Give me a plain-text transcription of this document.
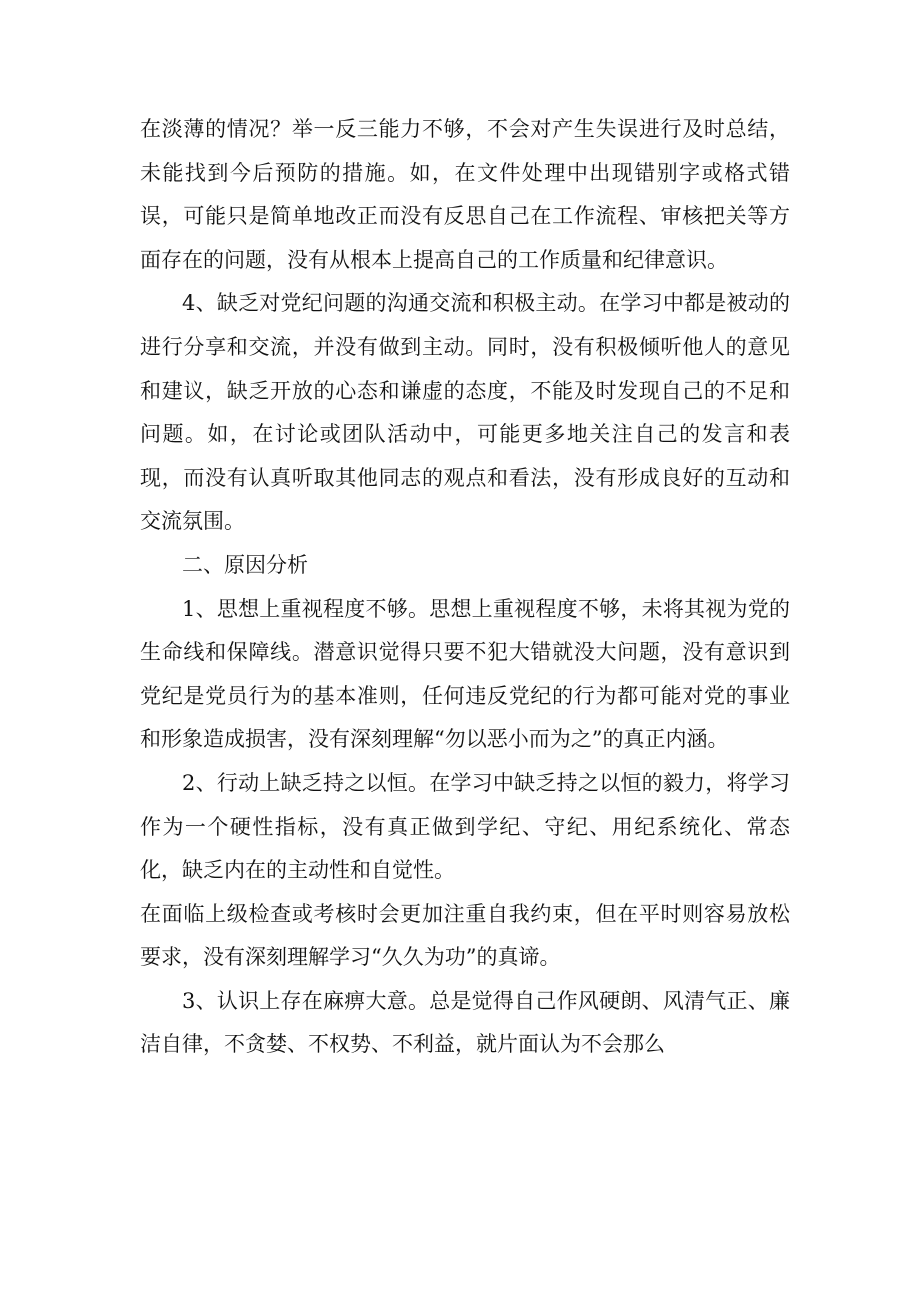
在淡薄的情况？举一反三能力不够，不会对产生失误进行及时总结，未能找到今后预防的措施。如，在文件处理中出现错别字或格式错误，可能只是简单地改正而没有反思自己在工作流程、审核把关等方面存在的问题，没有从根本上提高自己的工作质量和纪律意识。

4、缺乏对党纪问题的沟通交流和积极主动。在学习中都是被动的进行分享和交流，并没有做到主动。同时，没有积极倾听他人的意见和建议，缺乏开放的心态和谦虚的态度，不能及时发现自己的不足和问题。如，在讨论或团队活动中，可能更多地关注自己的发言和表现，而没有认真听取其他同志的观点和看法，没有形成良好的互动和交流氛围。

二、原因分析

1、思想上重视程度不够。思想上重视程度不够，未将其视为党的生命线和保障线。潜意识觉得只要不犯大错就没大问题，没有意识到党纪是党员行为的基本准则，任何违反党纪的行为都可能对党的事业和形象造成损害，没有深刻理解“勿以恶小而为之”的真正内涵。

2、行动上缺乏持之以恒。在学习中缺乏持之以恒的毅力，将学习作为一个硬性指标，没有真正做到学纪、守纪、用纪系统化、常态化，缺乏内在的主动性和自觉性。

在面临上级检查或考核时会更加注重自我约束，但在平时则容易放松要求，没有深刻理解学习“久久为功”的真谛。

3、认识上存在麻痹大意。总是觉得自己作风硬朗、风清气正、廉洁自律，不贪婪、不权势、不利益，就片面认为不会那么
